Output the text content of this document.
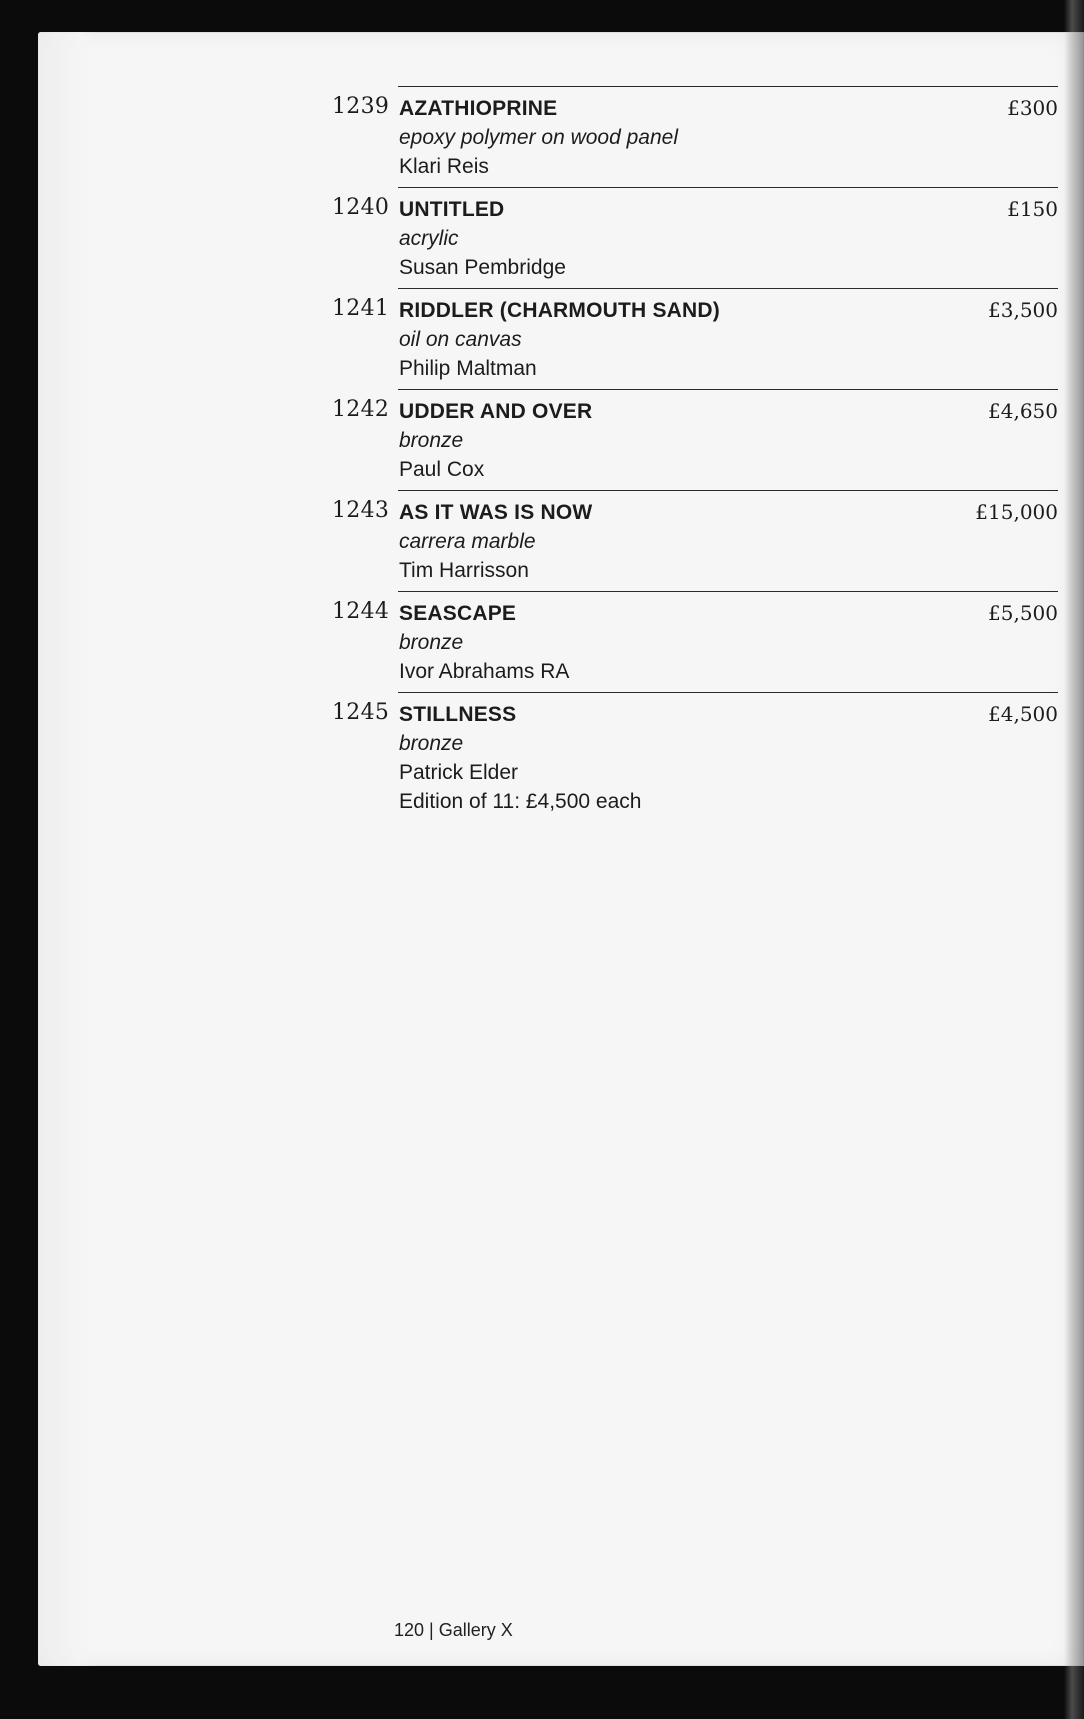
1239 AZATHIOPRINE
epoxy polymer on wood panel
Klari Reis
£300
1240 UNTITLED
acrylic
Susan Pembridge
£150
1241 RIDDLER (CHARMOUTH SAND)
oil on canvas
Philip Maltman
£3,500
1242 UDDER AND OVER
bronze
Paul Cox
£4,650
1243 AS IT WAS IS NOW
carrera marble
Tim Harrisson
£15,000
1244 SEASCAPE
bronze
Ivor Abrahams RA
£5,500
1245 STILLNESS
bronze
Patrick Elder
Edition of 11: £4,500 each
£4,500
120 | Gallery X
